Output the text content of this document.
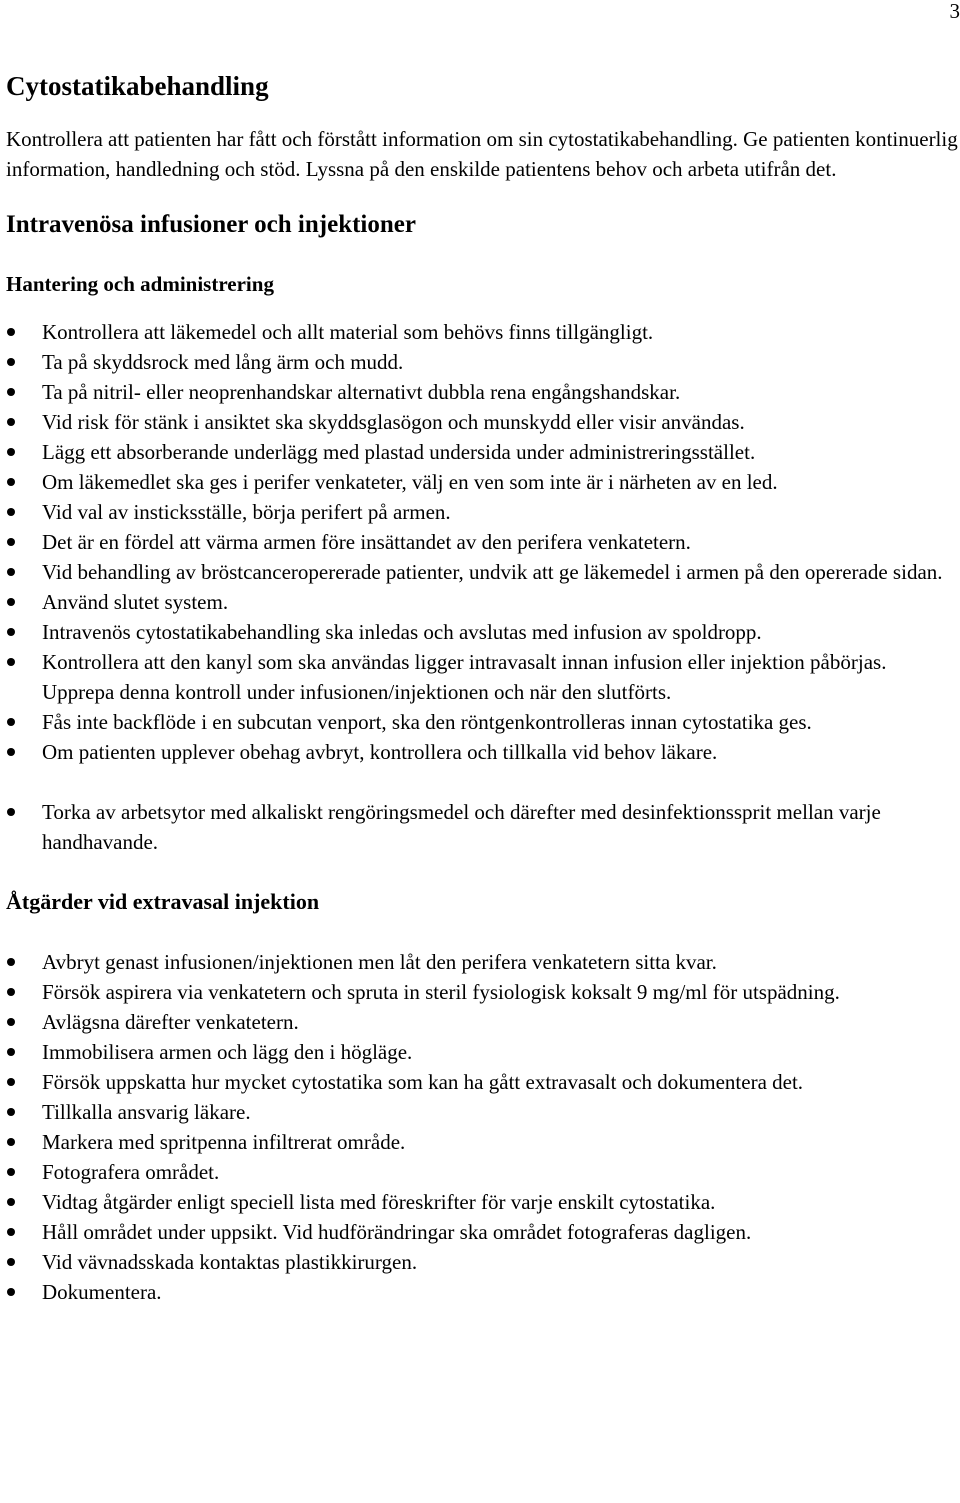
3
Cytostatikabehandling

Kontrollera att patienten har fått och förstått information om sin cytostatikabehandling. Ge patienten kontinuerlig information, handledning och stöd. Lyssna på den enskilde patientens behov och arbeta utifrån det.

Intravenösa infusioner och injektioner
Hantering och administrering
Kontrollera att läkemedel och allt material som behövs finns tillgängligt.
Ta på skyddsrock med lång ärm och mudd.
Ta på nitril- eller neoprenhandskar alternativt dubbla rena engångshandskar.
Vid risk för stänk i ansiktet ska skyddsglasögon och munskydd eller visir användas.
Lägg ett absorberande underlägg med plastad undersida under administreringsstället.
Om läkemedlet ska ges i perifer venkateter, välj en ven som inte är i närheten av en led.
Vid val av insticksställe, börja perifert på armen.
Det är en fördel att värma armen före insättandet av den perifera venkatetern.
Vid behandling av bröstcanceropererade patienter, undvik att ge läkemedel i armen på den opererade sidan.
Använd slutet system.
Intravenös cytostatikabehandling ska inledas och avslutas med infusion av spoldropp.
Kontrollera att den kanyl som ska användas ligger intravasalt innan infusion eller injektion påbörjas. Upprepa denna kontroll under infusionen/injektionen och när den slutförts.
Fås inte backflöde i en subcutan venport, ska den röntgenkontrolleras innan cytostatika ges.
Om patienten upplever obehag avbryt, kontrollera och tillkalla vid behov läkare.
Torka av arbetsytor med alkaliskt rengöringsmedel och därefter med desinfektionssprit mellan varje handhavande.
Åtgärder vid extravasal injektion
Avbryt genast infusionen/injektionen men låt den perifera venkatetern sitta kvar.
Försök aspirera via venkatetern och spruta in steril fysiologisk koksalt 9 mg/ml för utspädning.
Avlägsna därefter venkatetern.
Immobilisera armen och lägg den i högläge.
Försök uppskatta hur mycket cytostatika som kan ha gått extravasalt och dokumentera det.
Tillkalla ansvarig läkare.
Markera med spritpenna infiltrerat område.
Fotografera området.
Vidtag åtgärder enligt speciell lista med föreskrifter för varje enskilt cytostatika.
Håll området under uppsikt. Vid hudförändringar ska området fotograferas dagligen.
Vid vävnadsskada kontaktas plastikkirurgen.
Dokumentera.
